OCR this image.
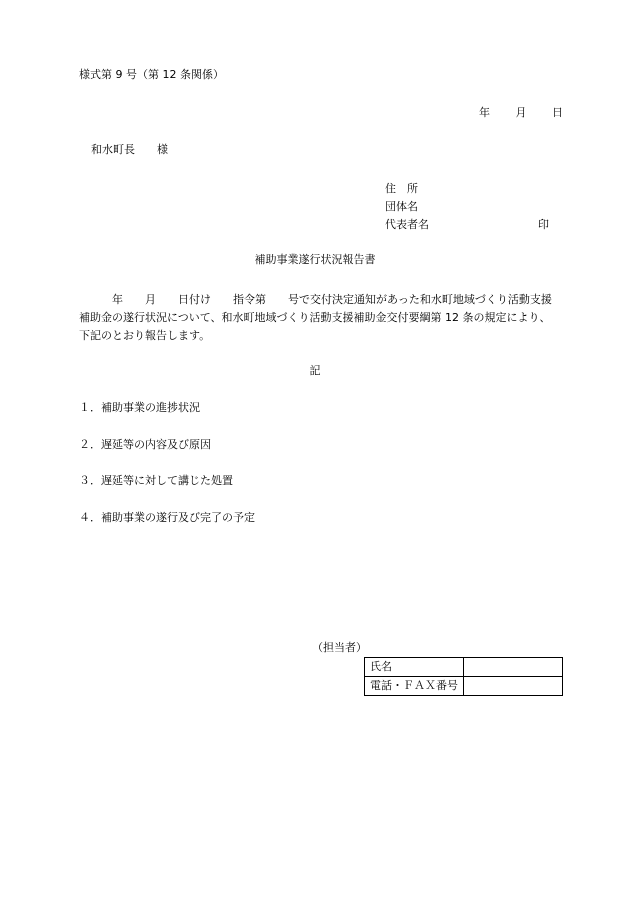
様式第 9 号（第 12 条関係）
年 月 日
和水町長 様
住　所
団体名
代表者名	印
補助事業遂行状況報告書
　　　年　　月　　日付け　　指令第　　号で交付決定通知があった和水町地域づくり活動支援補助金の遂行状況について、和水町地域づくり活動支援補助金交付要綱第 12 条の規定により、下記のとおり報告します。
記
１．補助事業の進捗状況
２．遅延等の内容及び原因
３．遅延等に対して講じた処置
４．補助事業の遂行及び完了の予定
（担当者）
氏名	
電話・ＦＡＸ番号	
